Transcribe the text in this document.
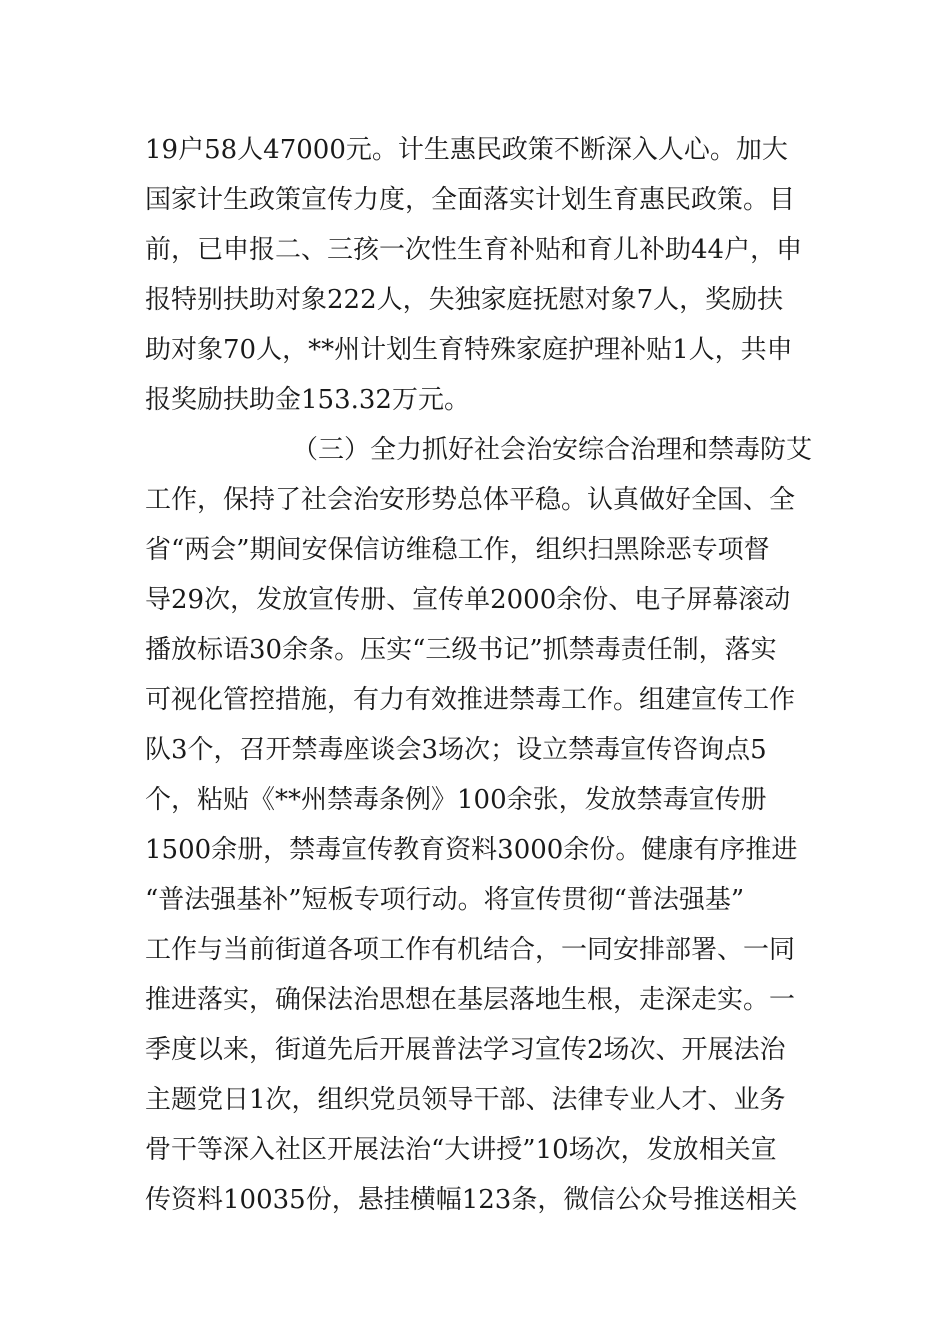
19户58人47000元。计生惠民政策不断深入人心。加大
国家计生政策宣传力度，全面落实计划生育惠民政策。目
前，已申报二、三孩一次性生育补贴和育儿补助44户，申
报特别扶助对象222人，失独家庭抚慰对象7人，奖励扶
助对象70人，**州计划生育特殊家庭护理补贴1人，共申
报奖励扶助金153.32万元。
（三）全力抓好社会治安综合治理和禁毒防艾
工作，保持了社会治安形势总体平稳。认真做好全国、全
省“两会”期间安保信访维稳工作，组织扫黑除恶专项督
导29次，发放宣传册、宣传单2000余份、电子屏幕滚动
播放标语30余条。压实“三级书记”抓禁毒责任制，落实
可视化管控措施，有力有效推进禁毒工作。组建宣传工作
队3个，召开禁毒座谈会3场次；设立禁毒宣传咨询点5
个，粘贴《**州禁毒条例》100余张，发放禁毒宣传册
1500余册，禁毒宣传教育资料3000余份。健康有序推进
“普法强基补”短板专项行动。将宣传贯彻“普法强基”
工作与当前街道各项工作有机结合，一同安排部署、一同
推进落实，确保法治思想在基层落地生根，走深走实。一
季度以来，街道先后开展普法学习宣传2场次、开展法治
主题党日1次，组织党员领导干部、法律专业人才、业务
骨干等深入社区开展法治“大讲授”10场次，发放相关宣
传资料10035份，悬挂横幅123条，微信公众号推送相关
